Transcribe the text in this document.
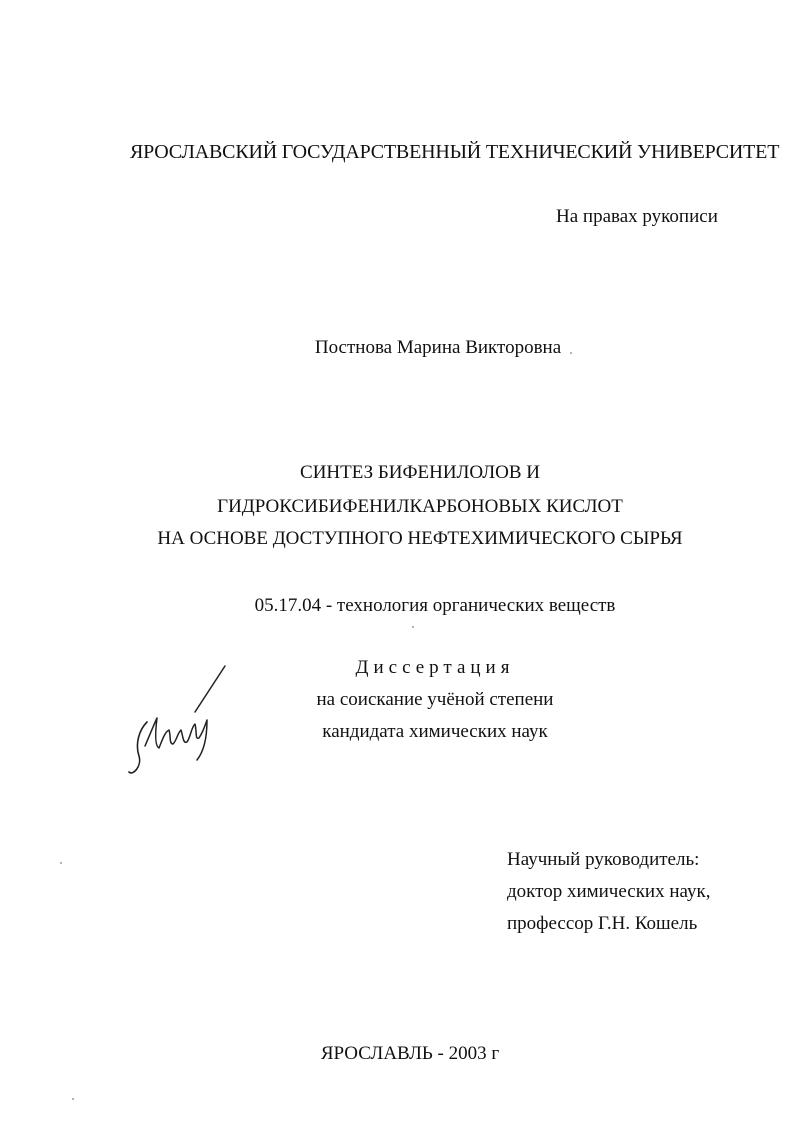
ЯРОСЛАВСКИЙ ГОСУДАРСТВЕННЫЙ ТЕХНИЧЕСКИЙ УНИВЕРСИТЕТ
На правах рукописи
Постнова Марина Викторовна
СИНТЕЗ БИФЕНИЛОЛОВ И
ГИДРОКСИБИФЕНИЛКАРБОНОВЫХ КИСЛОТ
НА ОСНОВЕ ДОСТУПНОГО НЕФТЕХИМИЧЕСКОГО СЫРЬЯ
05.17.04 - технология органических веществ
Диссертация
на соискание учёной степени
кандидата химических наук
Научный руководитель:
доктор химических наук,
профессор Г.Н. Кошель
ЯРОСЛАВЛЬ - 2003 г
